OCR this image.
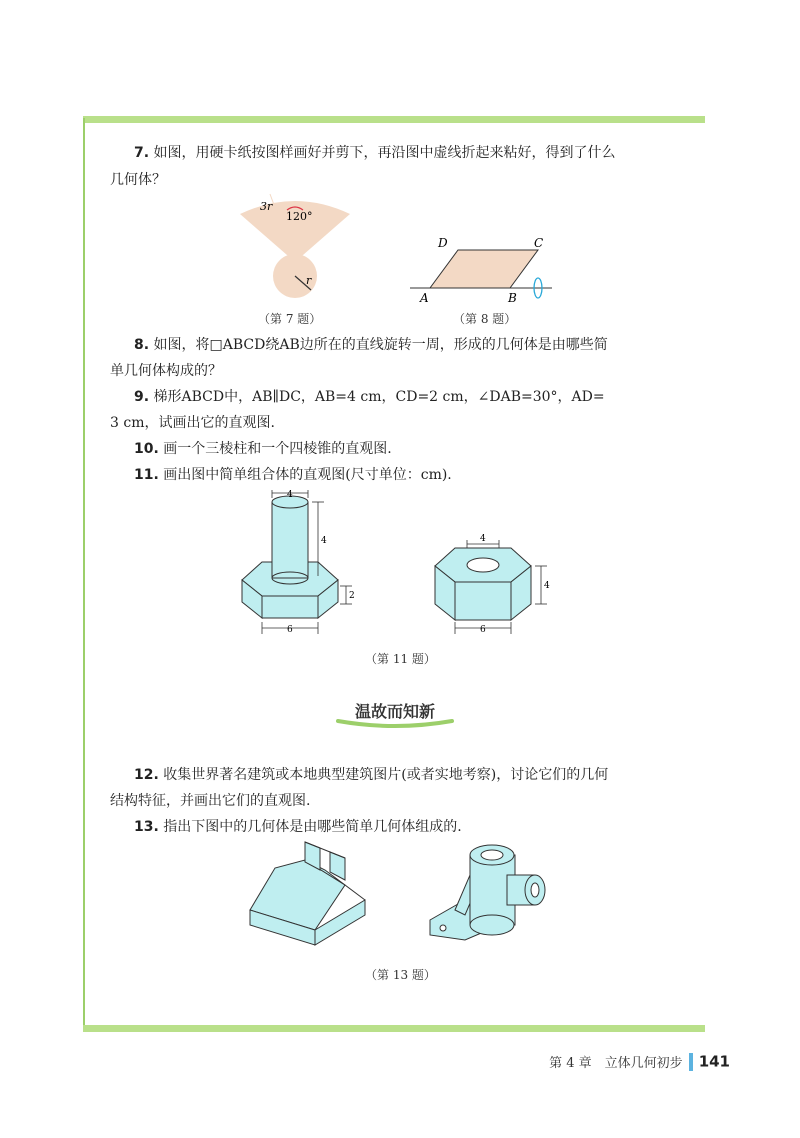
7. 如图，用硬卡纸按图样画好并剪下，再沿图中虚线折起来粘好，得到了什么
几何体？
3r
120°
r
（第 7 题）
A	B
C
D
（第 8 题）
8. 如图，将□ABCD绕AB边所在的直线旋转一周，形成的几何体是由哪些简
单几何体构成的？
9. 梯形ABCD中，AB∥DC，AB=4 cm，CD=2 cm，∠DAB=30°，AD=
3 cm，试画出它的直观图.
10. 画一个三棱柱和一个四棱锥的直观图.
11. 画出图中简单组合体的直观图(尺寸单位：cm).
4
4
2
6
4
4
6
（第 11 题）
温故而知新
12. 收集世界著名建筑或本地典型建筑图片(或者实地考察)，讨论它们的几何
结构特征，并画出它们的直观图.
13. 指出下图中的几何体是由哪些简单几何体组成的.
（第 13 题）
第 4 章　立体几何初步 141
